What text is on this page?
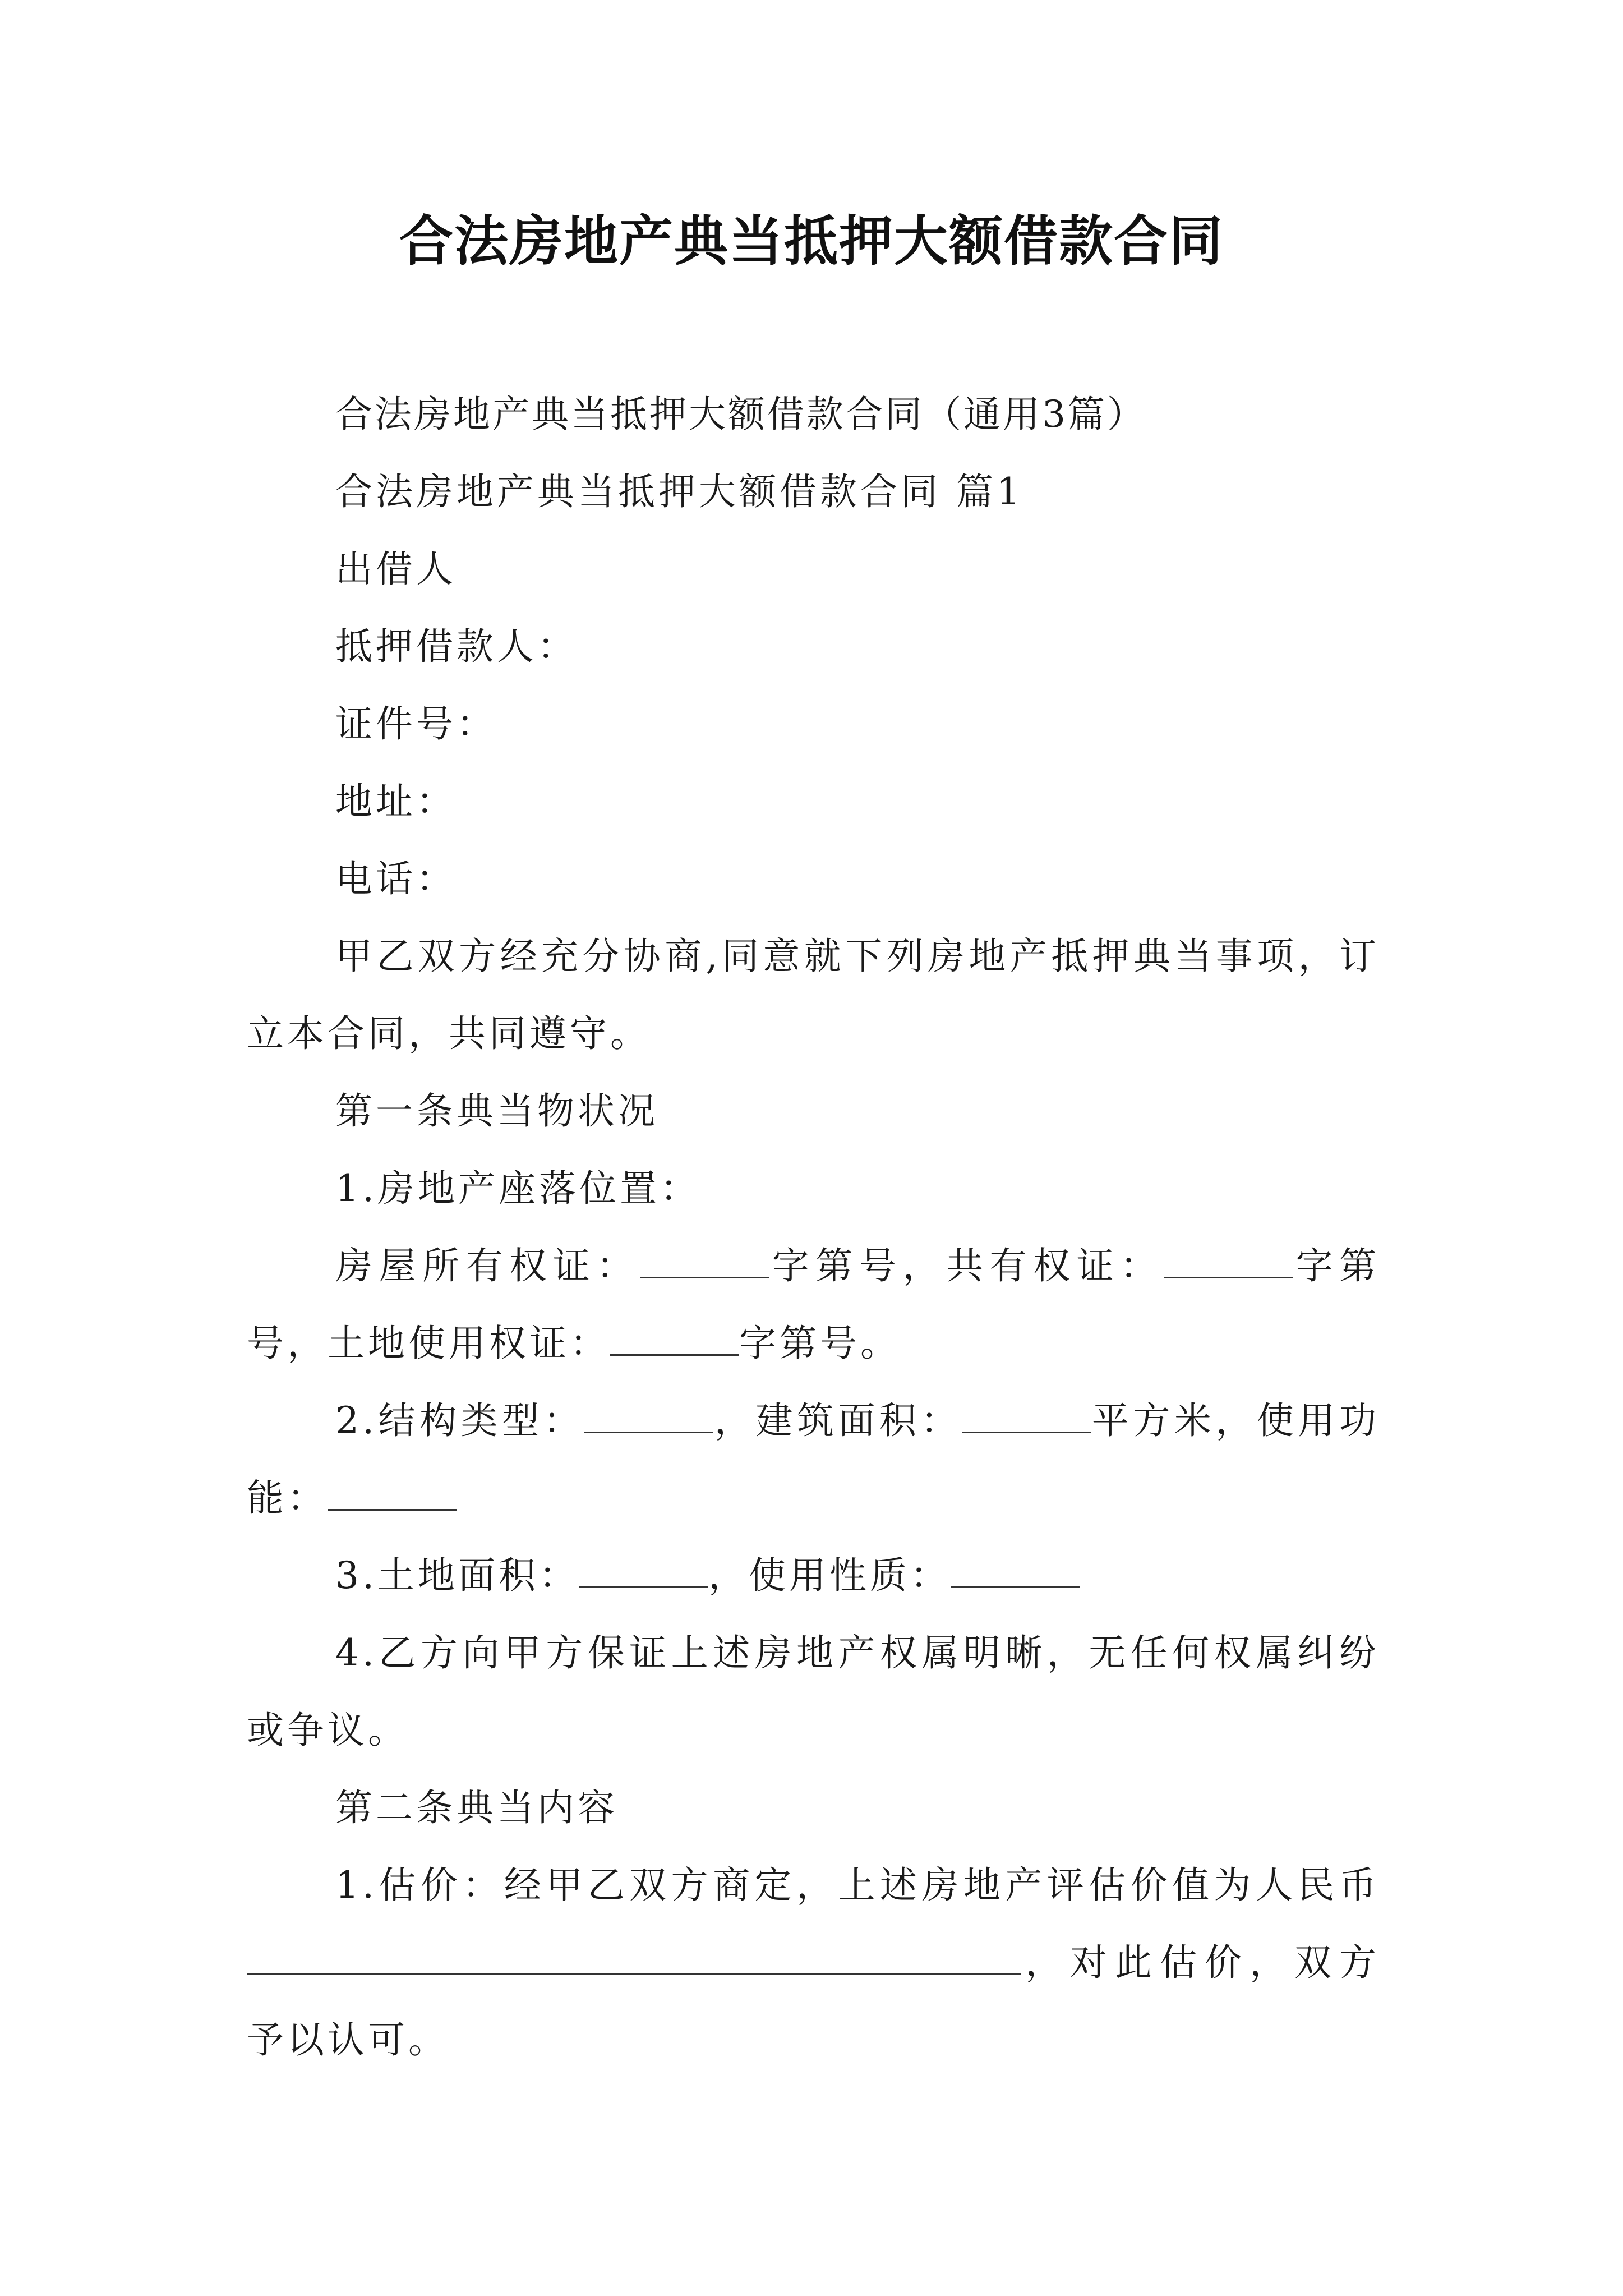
合法房地产典当抵押大额借款合同

合法房地产典当抵押大额借款合同（通用3篇）

合法房地产典当抵押大额借款合同 篇1

出借人

抵押借款人：

证件号：

地址：

电话：

甲乙双方经充分协商,同意就下列房地产抵押典当事项，订立本合同，共同遵守。

第一条典当物状况

1.房地产座落位置：

房屋所有权证：	字第号，共有权证：	字第号，土地使用权证：	字第号。

2.结构类型：	，建筑面积：	平方米，使用功能：

3.土地面积：	，使用性质：

4.乙方向甲方保证上述房地产权属明晰，无任何权属纠纷或争议。

第二条典当内容

1.估价：经甲乙双方商定，上述房地产评估价值为人民币，对此估价，双方予以认可。
